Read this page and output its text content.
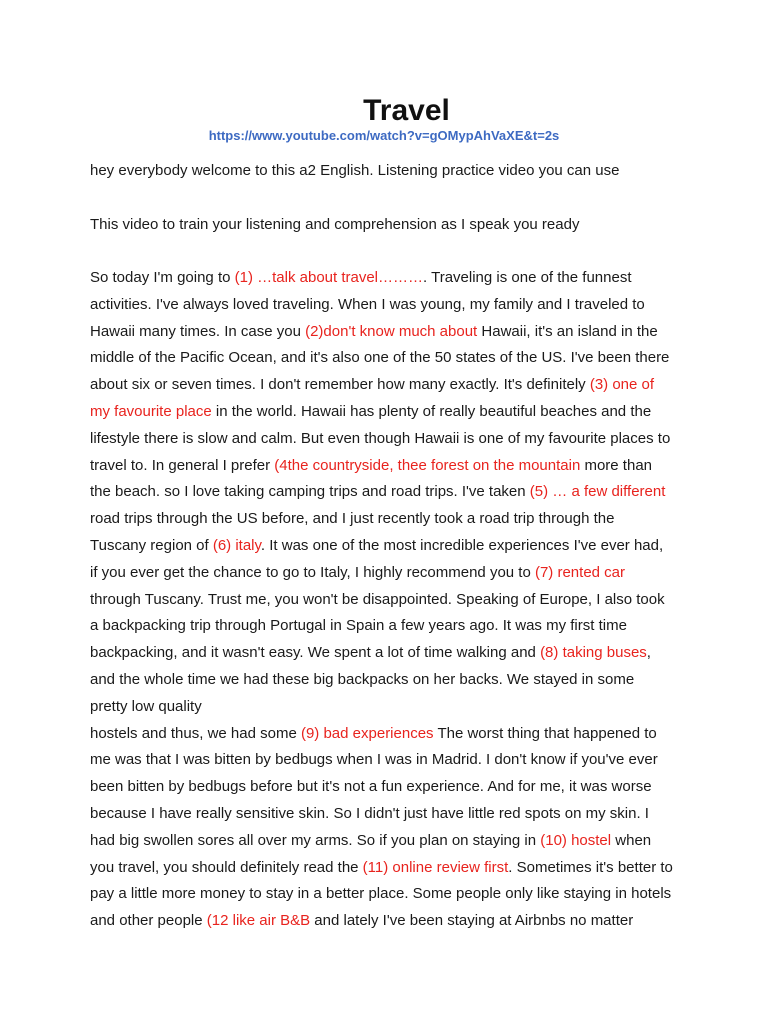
Travel
https://www.youtube.com/watch?v=gOMypAhVaXE&t=2s
hey everybody welcome to this a2 English. Listening practice video you can use
This video to train your listening and comprehension as I speak you ready
So today I'm going to (1) …talk about travel………. Traveling is one of the funnest
activities. I've always loved traveling. When I was young, my family and I traveled to
Hawaii many times. In case you (2)don't know much about Hawaii, it's an island in the
middle of the Pacific Ocean, and it's also one of the 50 states of the US. I've been there
about six or seven times. I don't remember how many exactly. It's definitely (3) one of
my favourite place in the world. Hawaii has plenty of really beautiful beaches and the
lifestyle there is slow and calm. But even though Hawaii is one of my favourite places to
travel to. In general I prefer (4the countryside, thee forest on the mountain more than
the beach. so I love taking camping trips and road trips. I've taken (5) … a few different
road trips through the US before, and I just recently took a road trip through the
Tuscany region of (6) italy. It was one of the most incredible experiences I've ever had,
if you ever get the chance to go to Italy, I highly recommend you to (7) rented car
through Tuscany. Trust me, you won't be disappointed. Speaking of Europe, I also took
a backpacking trip through Portugal in Spain a few years ago. It was my first time
backpacking, and it wasn't easy. We spent a lot of time walking and (8) taking buses,
and the whole time we had these big backpacks on her backs. We stayed in some
pretty low quality
hostels and thus, we had some (9) bad experiences The worst thing that happened to
me was that I was bitten by bedbugs when I was in Madrid. I don't know if you've ever
been bitten by bedbugs before but it's not a fun experience. And for me, it was worse
because I have really sensitive skin. So I didn't just have little red spots on my skin. I
had big swollen sores all over my arms. So if you plan on staying in (10) hostel when
you travel, you should definitely read the (11) online review first. Sometimes it's better to
pay a little more money to stay in a better place. Some people only like staying in hotels
and other people (12 like air B&B and lately I've been staying at Airbnbs no matter
